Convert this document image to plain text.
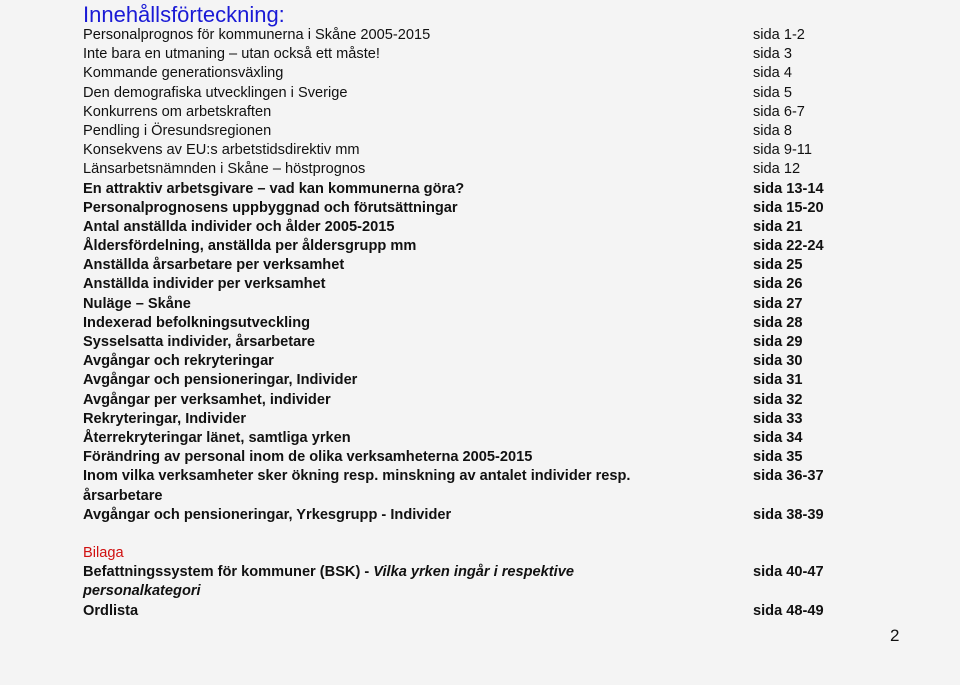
Innehållsförteckning:
Personalprognos för kommunerna i Skåne 2005-2015	sida 1-2
Inte bara en utmaning – utan också ett måste!	sida 3
Kommande generationsväxling	sida 4
Den demografiska utvecklingen i Sverige	sida 5
Konkurrens om arbetskraften	sida 6-7
Pendling i Öresundsregionen	sida 8
Konsekvens av EU:s arbetstidsdirektiv mm	sida 9-11
Länsarbetsnämnden i Skåne – höstprognos	sida 12
En attraktiv arbetsgivare – vad kan kommunerna göra?	sida 13-14
Personalprognosens uppbyggnad och förutsättningar	sida 15-20
Antal anställda individer och ålder 2005-2015	sida 21
Åldersfördelning, anställda per åldersgrupp mm	sida 22-24
Anställda årsarbetare per verksamhet	sida 25
Anställda individer per verksamhet	sida 26
Nuläge – Skåne	sida 27
Indexerad befolkningsutveckling	sida 28
Sysselsatta individer, årsarbetare	sida 29
Avgångar och rekryteringar	sida 30
Avgångar och pensioneringar, Individer	sida 31
Avgångar per verksamhet, individer	sida 32
Rekryteringar, Individer	sida 33
Återrekryteringar länet, samtliga yrken	sida 34
Förändring av personal inom de olika verksamheterna 2005-2015	sida 35
Inom vilka verksamheter sker ökning resp. minskning av antalet individer resp. årsarbetare
sida 36-37
Avgångar och pensioneringar, Yrkesgrupp - Individer	sida 38-39
Bilaga
Befattningssystem för kommuner (BSK) - Vilka yrken ingår i respektive personalkategori
sida 40-47
Ordlista	sida 48-49
2
